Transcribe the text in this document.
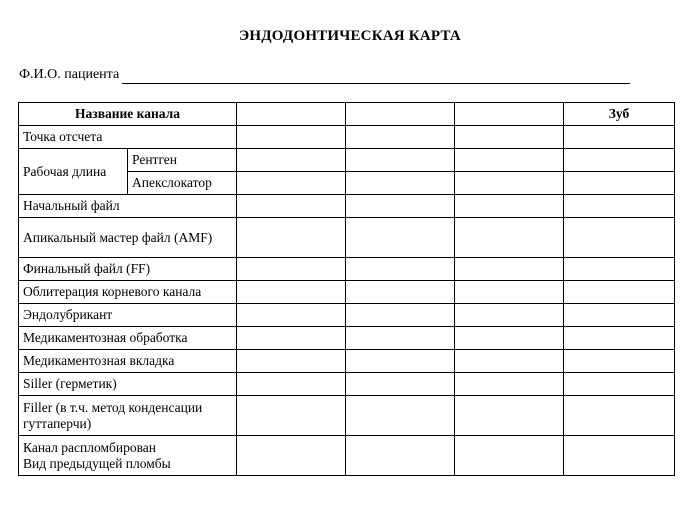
ЭНДОДОНТИЧЕСКАЯ КАРТА
Ф.И.О. пациента
Название канала					Зуб
Точка отсчета					
Рабочая длина	Рентген				
	Апекслокатор				
Начальный файл					

Апикальный мастер файл (AMF)					

Финальный файл (FF)					
Облитерация корневого канала					
Эндолубрикант					
Медикаментозная обработка					
Медикаментозная вкладка					
Siller (герметик)					
Filler (в т.ч. метод конденсации гуттаперчи)					

Канал распломбирован
Вид предыдущей пломбы					
